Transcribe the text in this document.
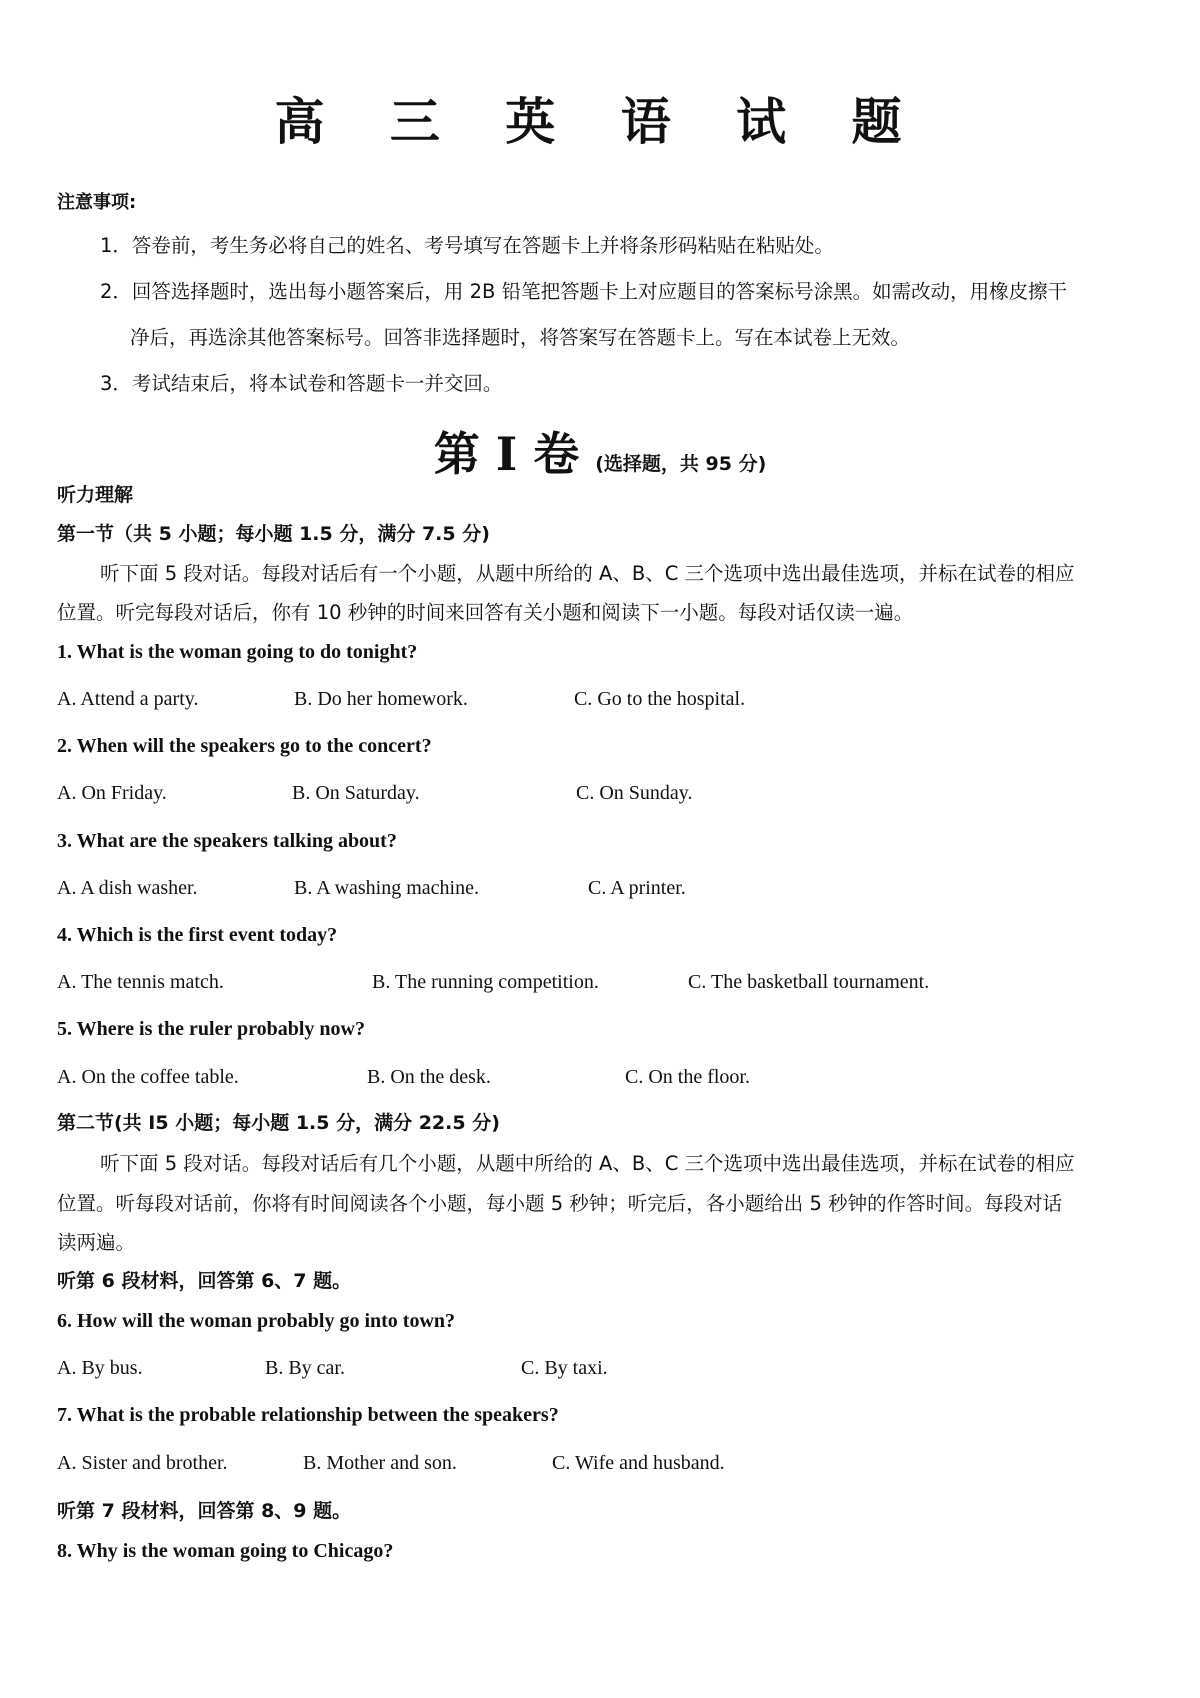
高 三 英 语 试 题
注意事项:
1．答卷前，考生务必将自己的姓名、考号填写在答题卡上并将条形码粘贴在粘贴处。
2．回答选择题时，选出每小题答案后，用 2B 铅笔把答题卡上对应题目的答案标号涂黑。如需改动，用橡皮擦干
净后，再选涂其他答案标号。回答非选择题时，将答案写在答题卡上。写在本试卷上无效。
3．考试结束后，将本试卷和答题卡一并交回。
第 I 卷 (选择题，共 95 分)
听力理解
第一节（共 5 小题；每小题 1.5 分，满分 7.5 分)
听下面 5 段对话。每段对话后有一个小题，从题中所给的 A、B、C 三个选项中选出最佳选项，并标在试卷的相应
位置。听完每段对话后，你有 10 秒钟的时间来回答有关小题和阅读下一小题。每段对话仅读一遍。
1. What is the woman going to do tonight?
A. Attend a party.	B. Do her homework.	C. Go to the hospital.
2. When will the speakers go to the concert?
A. On Friday.	B. On Saturday.	C. On Sunday.
3. What are the speakers talking about?
A. A dish washer.	B. A washing machine.	C. A printer.
4. Which is the first event today?
A. The tennis match.	B. The running competition.	C. The basketball tournament.
5. Where is the ruler probably now?
A. On the coffee table.	B. On the desk.	C. On the floor.
第二节(共 I5 小题；每小题 1.5 分，满分 22.5 分)
听下面 5 段对话。每段对话后有几个小题，从题中所给的 A、B、C 三个选项中选出最佳选项，并标在试卷的相应
位置。听每段对话前，你将有时间阅读各个小题，每小题 5 秒钟；听完后，各小题给出 5 秒钟的作答时间。每段对话
读两遍。
听第 6 段材料，回答第 6、7 题。
6. How will the woman probably go into town?
A. By bus.	B. By car.	C. By taxi.
7. What is the probable relationship between the speakers?
A. Sister and brother.	B. Mother and son.	C. Wife and husband.
听第 7 段材料，回答第 8、9 题。
8. Why is the woman going to Chicago?
